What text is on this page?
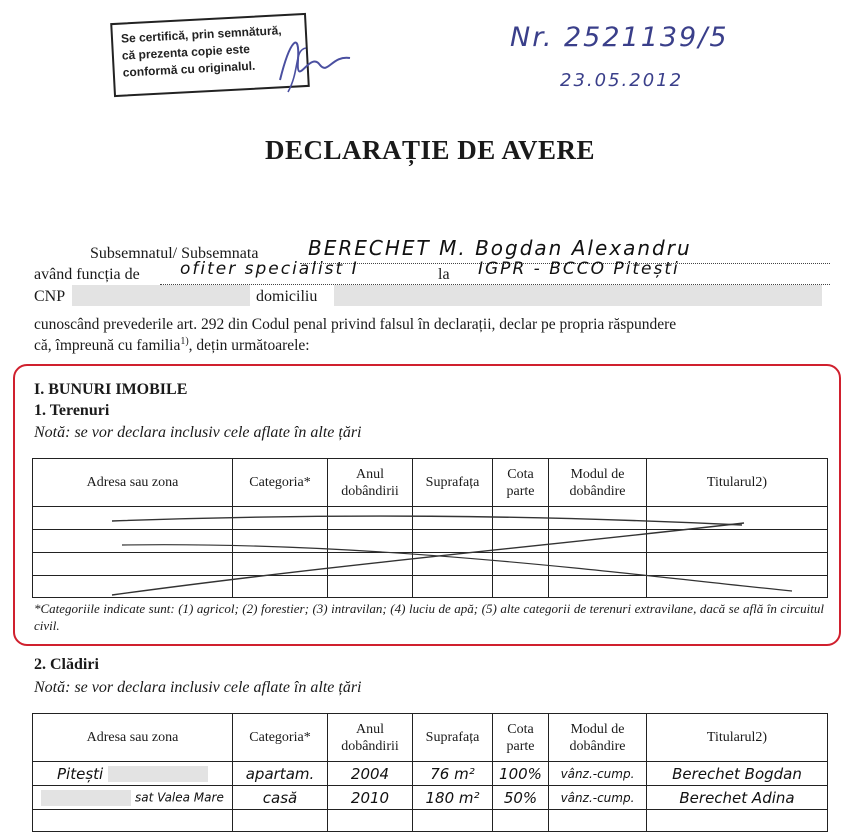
Se certifică, prin semnătură,
că prezenta copie este
conformă cu originalul.
Nr. 2521139/5
23.05.2012
DECLARAȚIE DE AVERE
Subsemnatul/ Subsemnata BERECHET M. Bogdan Alexandru
având funcția de ofiter specialist I	la IGPR - BCCO Pitești
CNP	domiciliu
cunoscând prevederile art. 292 din Codul penal privind falsul în declarații, declar pe propria răspundere
că, împreună cu familia$^{1)}$, dețin următoarele:
I. BUNURI IMOBILE
1. Terenuri
Notă: se vor declara inclusiv cele aflate în alte țări
Adresa sau zona	Categoria*	Anul dobândirii	Suprafața	Cota parte	Modul de dobândire	Titularul2)

*Categoriile indicate sunt: (1) agricol; (2) forestier; (3) intravilan; (4) luciu de apă; (5) alte categorii de terenuri extravilane, dacă se află în circuitul civil.
2. Clădiri
Notă: se vor declara inclusiv cele aflate în alte țări
Adresa sau zona	Categoria*	Anul dobândirii	Suprafața	Cota parte	Modul de dobândire	Titularul2)
Pitești	apartam.	2004	76 m²	100%	vânz.-cump.	Berechet Bogdan
sat Valea Mare	casă	2010	180 m²	50%	vânz.-cump.	Berechet Adina
